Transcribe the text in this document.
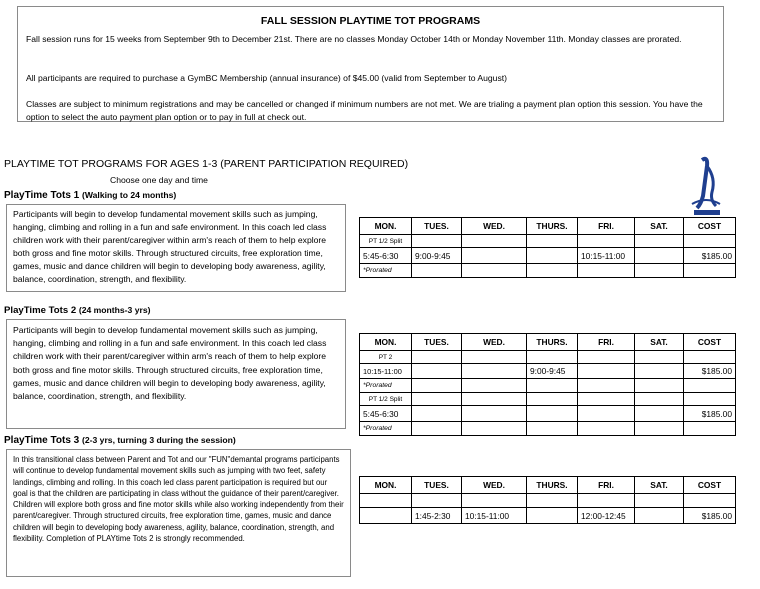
FALL SESSION PLAYTIME TOT PROGRAMS

Fall session runs for 15 weeks from September 9th to December 21st. There are no classes Monday October 14th or Monday November 11th. Monday classes are prorated.

All participants are required to purchase a GymBC Membership (annual insurance) of $45.00 (valid from September to August)

Classes are subject to minimum registrations and may be cancelled or changed if minimum numbers are not met. We are trialing a payment plan option this session. You have the option to select the auto payment plan option or to pay in full at check out.

PLAYTIME TOT PROGRAMS FOR AGES 1-3 (PARENT PARTICIPATION REQUIRED)
Choose one day and time
PlayTime Tots 1 (Walking to 24 months)
Participants will begin to develop fundamental movement skills such as jumping, hanging, climbing and rolling in a fun and safe environment. In this coach led class children work with their parent/caregiver within arm's reach of them to help explore both gross and fine motor skills. Through structured circuits, free exploration time, games, music and dance children will begin to developing body awareness, agility, balance, coordination, strength, and flexibility.
MON.	TUES.	WED.	THURS.	FRI.	SAT.	COST
PT 1/2 Split						
5:45-6:30	9:00-9:45			10:15-11:00		$185.00
*Prorated						
PlayTime Tots 2 (24 months-3 yrs)
Participants will begin to develop fundamental movement skills such as jumping, hanging, climbing and rolling in a fun and safe environment. In this coach led class children work with their parent/caregiver within arm's reach of them to help explore both gross and fine motor skills. Through structured circuits, free exploration time, games, music and dance children will begin to developing body awareness, agility, balance, coordination, strength, and flexibility.
MON.	TUES.	WED.	THURS.	FRI.	SAT.	COST
PT 2						
10:15-11:00			9:00-9:45			$185.00
*Prorated						
PT 1/2 Split						
5:45-6:30						$185.00
*Prorated						
PlayTime Tots 3 (2-3 yrs, turning 3 during the session)
In this transitional class between Parent and Tot and our "FUN"demantal programs participants will continue to develop fundamental movement skills such as jumping with two feet, safety landings, climbing and rolling. In this coach led class parent participation is required but our goal is that the children are participating in class without the guidance of their parent/caregiver. Children will explore both gross and fine motor skills while also working independently from their parent/caregiver. Through structured circuits, free exploration time, games, music and dance children will begin to developing body awareness, agility, balance, coordination, strength, and flexibility. Completion of PLAYtime Tots 2 is strongly recommended.
MON.	TUES.	WED.	THURS.	FRI.	SAT.	COST

	1:45-2:30	10:15-11:00		12:00-12:45		$185.00
